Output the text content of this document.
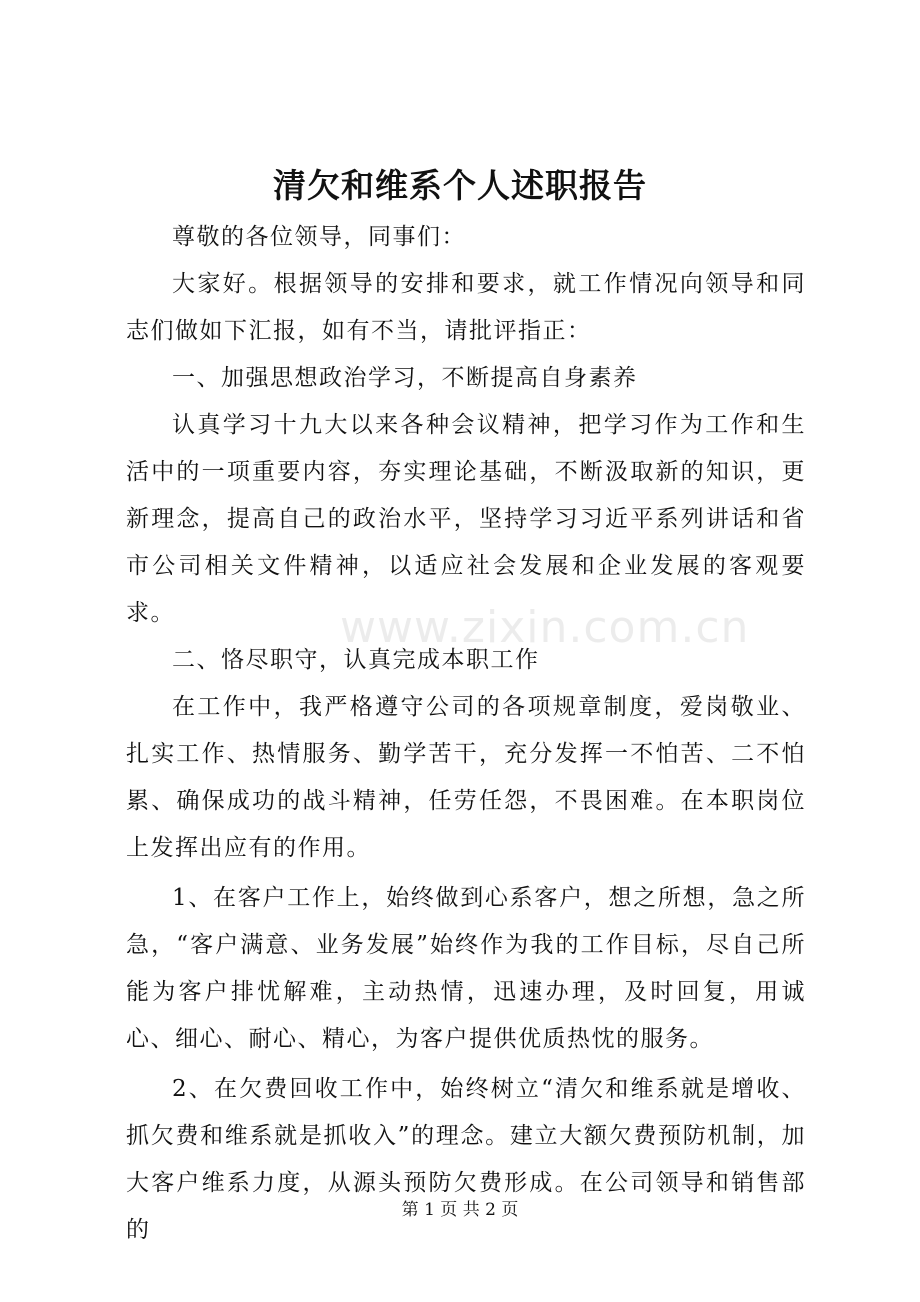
清欠和维系个人述职报告

尊敬的各位领导，同事们：

大家好。根据领导的安排和要求，就工作情况向领导和同志们做如下汇报，如有不当，请批评指正：

一、加强思想政治学习，不断提高自身素养

认真学习十九大以来各种会议精神，把学习作为工作和生活中的一项重要内容，夯实理论基础，不断汲取新的知识，更新理念，提高自己的政治水平，坚持学习习近平系列讲话和省市公司相关文件精神，以适应社会发展和企业发展的客观要求。

二、恪尽职守，认真完成本职工作

在工作中，我严格遵守公司的各项规章制度，爱岗敬业、扎实工作、热情服务、勤学苦干，充分发挥一不怕苦、二不怕累、确保成功的战斗精神，任劳任怨，不畏困难。在本职岗位上发挥出应有的作用。

1、在客户工作上，始终做到心系客户，想之所想，急之所急，“客户满意、业务发展”始终作为我的工作目标，尽自己所能为客户排忧解难，主动热情，迅速办理，及时回复，用诚心、细心、耐心、精心，为客户提供优质热忱的服务。

2、在欠费回收工作中，始终树立“清欠和维系就是增收、抓欠费和维系就是抓收入”的理念。建立大额欠费预防机制，加大客户维系力度，从源头预防欠费形成。在公司领导和销售部的

www.zixin.com.cn
第 1 页 共 2 页
